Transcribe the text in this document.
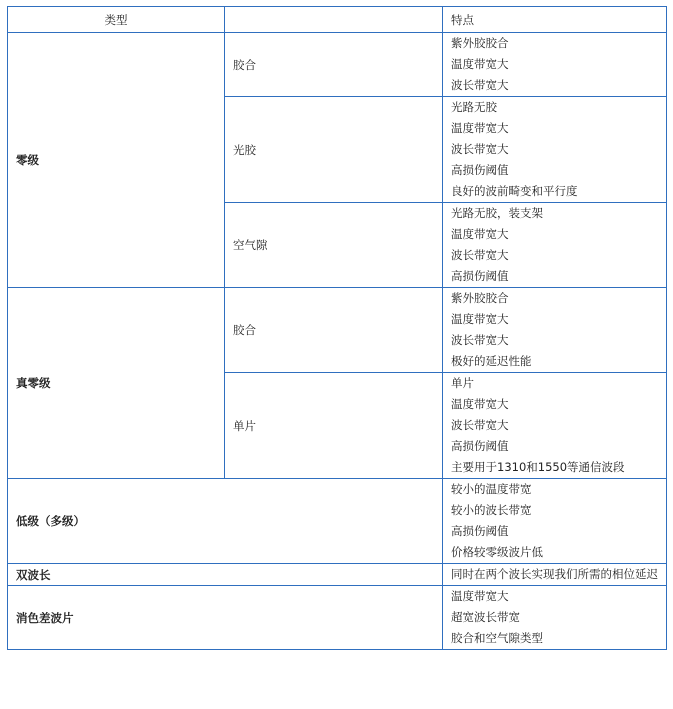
类型		特点
零级	胶合	紫外胶胶合
温度带宽大
波长带宽大

	光胶	光路无胶
温度带宽大
波长带宽大
高损伤阈值
良好的波前畸变和平行度

	空气隙	光路无胶，装支架
温度带宽大
波长带宽大
高损伤阈值

真零级	胶合	紫外胶胶合
温度带宽大
波长带宽大
极好的延迟性能

	单片	单片
温度带宽大
波长带宽大
高损伤阈值
主要用于1310和1550等通信波段

低级（多级）		较小的温度带宽
较小的波长带宽
高损伤阈值
价格较零级波片低

双波长		同时在两个波长实现我们所需的相位延迟

消色差波片		温度带宽大
超宽波长带宽
胶合和空气隙类型
